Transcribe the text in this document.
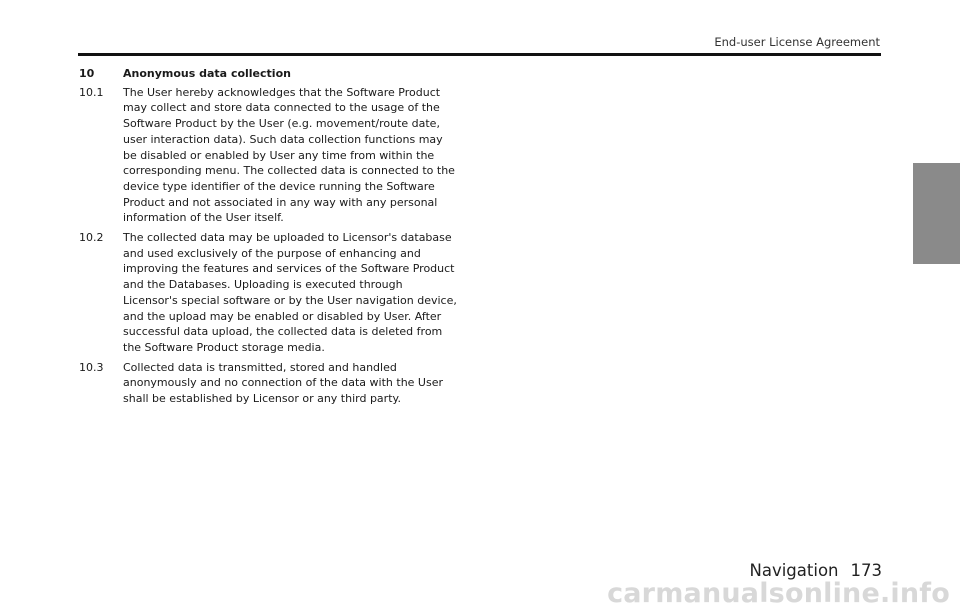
End-user License Agreement
10	Anonymous data collection
10.1	The User hereby acknowledges that the Software Product may collect and store data connected to the usage of the Software Product by the User (e.g. movement/route date, user interaction data). Such data collection functions may be disabled or enabled by User any time from within the corresponding menu. The collected data is connected to the device type identifier of the device running the Software Product and not associated in any way with any personal information of the User itself.
10.2	The collected data may be uploaded to Licensor's database and used exclusively of the purpose of enhancing and improving the features and services of the Software Product and the Databases. Uploading is executed through Licensor's special software or by the User navigation device, and the upload may be enabled or disabled by User. After successful data upload, the collected data is deleted from the Software Product storage media.
10.3	Collected data is transmitted, stored and handled anonymously and no connection of the data with the User shall be established by Licensor or any third party.
Navigation 173
carmanualsonline.info
